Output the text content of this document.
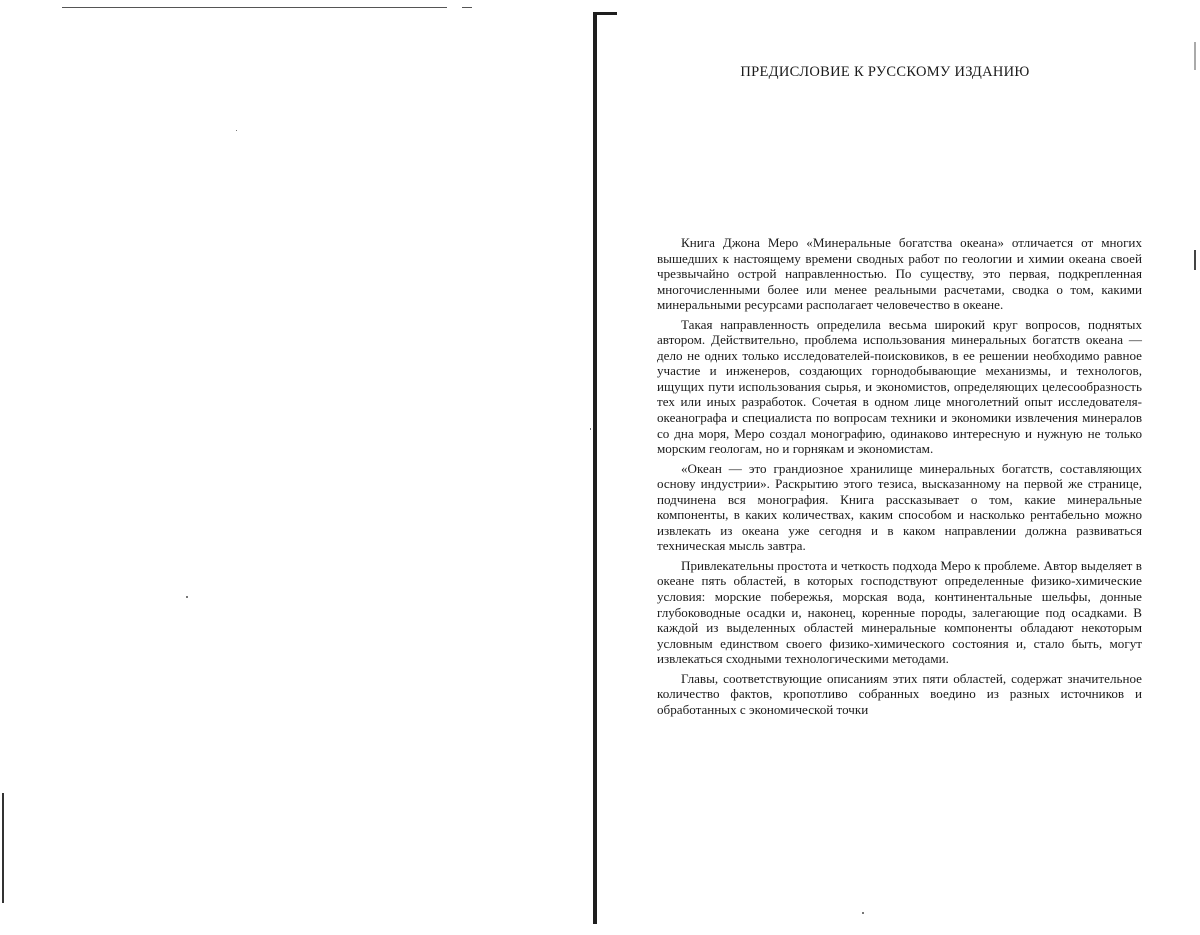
ПРЕДИСЛОВИЕ К РУССКОМУ ИЗДАНИЮ

Книга Джона Меро «Минеральные богатства океана» отличается от многих вышедших к настоящему времени сводных работ по геологии и химии океана своей чрезвычайно острой направленностью. По существу, это первая, подкрепленная многочисленными более или менее реальными расчетами, сводка о том, какими минеральными ресурсами располагает человечество в океане.

Такая направленность определила весьма широкий круг вопросов, поднятых автором. Действительно, проблема использования минеральных богатств океана — дело не одних только исследователей-поисковиков, в ее решении необходимо равное участие и инженеров, создающих горнодобывающие механизмы, и технологов, ищущих пути использования сырья, и экономистов, определяющих целесообразность тех или иных разработок. Сочетая в одном лице многолетний опыт исследователя-океанографа и специалиста по вопросам техники и экономики извлечения минералов со дна моря, Меро создал монографию, одинаково интересную и нужную не только морским геологам, но и горнякам и экономистам.

«Океан — это грандиозное хранилище минеральных богатств, составляющих основу индустрии». Раскрытию этого тезиса, высказанному на первой же странице, подчинена вся монография. Книга рассказывает о том, какие минеральные компоненты, в каких количествах, каким способом и насколько рентабельно можно извлекать из океана уже сегодня и в каком направлении должна развиваться техническая мысль завтра.

Привлекательны простота и четкость подхода Меро к проблеме. Автор выделяет в океане пять областей, в которых господствуют определенные физико-химические условия: морские побережья, морская вода, континентальные шельфы, донные глубоководные осадки и, наконец, коренные породы, залегающие под осадками. В каждой из выделенных областей минеральные компоненты обладают некоторым условным единством своего физико-химического состояния и, стало быть, могут извлекаться сходными технологическими методами.

Главы, соответствующие описаниям этих пяти областей, содержат значительное количество фактов, кропотливо собранных воедино из разных источников и обработанных с экономической точки
